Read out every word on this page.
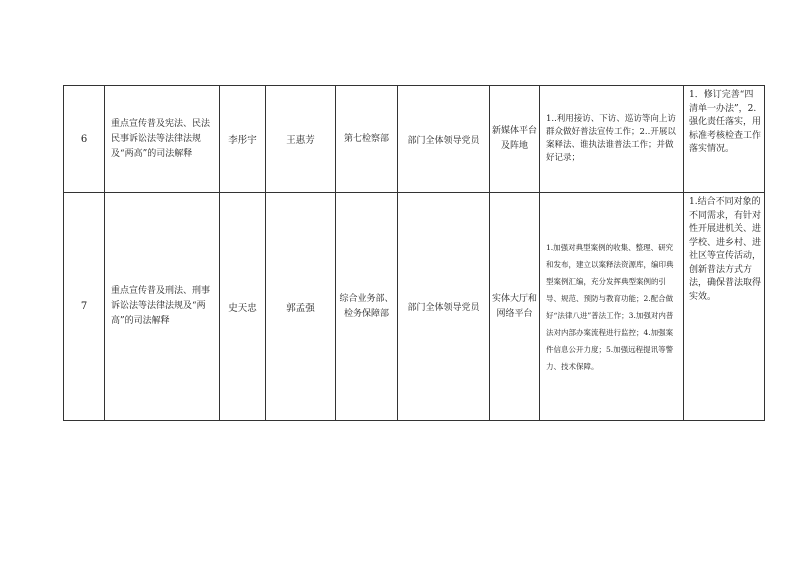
6	重点宣传普及宪法、民法民事诉讼法等法律法规及“两高”的司法解释	李彤宇	王惠芳	第七检察部	部门全体领导党员	新媒体平台及阵地	1..利用接访、下访、巡访等向上访群众做好普法宣传工作；2..开展以案释法、谁执法谁普法工作；并做好记录；	1．修订完善“四清单一办法”，2.强化责任落实，用标准考核检查工作落实情况。

7	重点宣传普及刑法、刑事诉讼法等法律法规及“两高”的司法解释	史天忠	郭孟强	综合业务部、检务保障部	部门全体领导党员	实体大厅和网络平台	1.加强对典型案例的收集、整理、研究和发布，建立以案释法资源库，编印典型案例汇编，充分发挥典型案例的引导、规范、预防与教育功能；2.配合做好“法律八进”普法工作；3.加强对内普法对内部办案流程进行监控；4.加强案件信息公开力度；5.加强远程提讯等警力、技术保障。	1.结合不同对象的不同需求，有针对性开展进机关、进学校、进乡村、进社区等宣传活动，创新普法方式方法，确保普法取得实效。
